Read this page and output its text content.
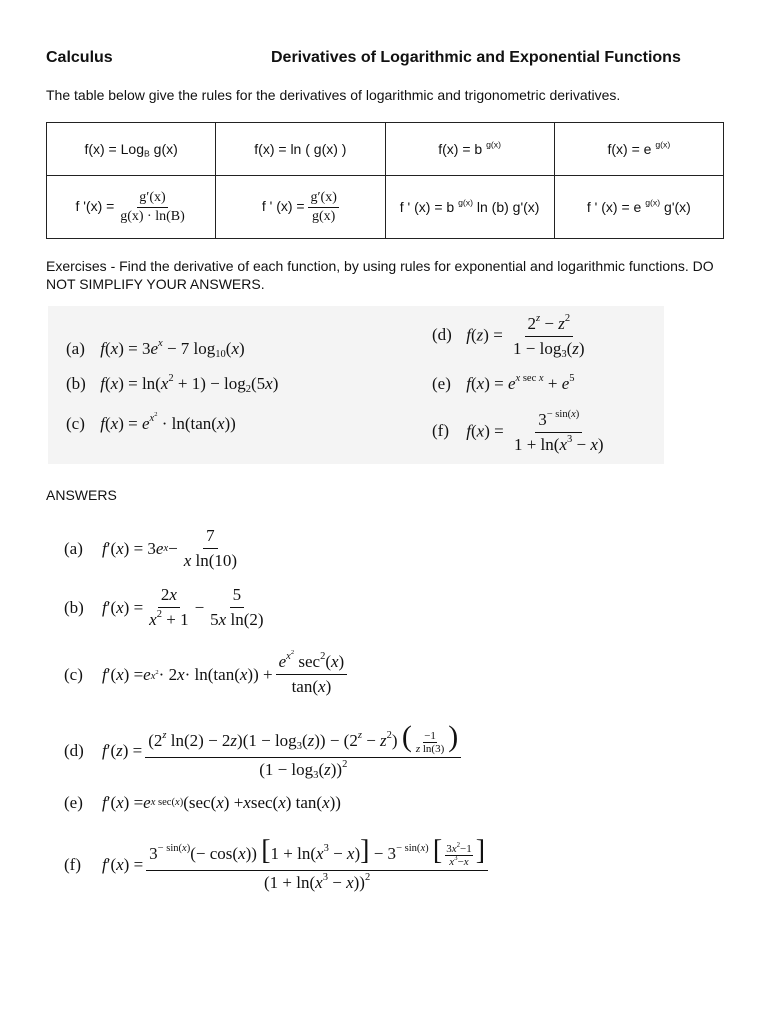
Calculus	Derivatives of Logarithmic and Exponential Functions
The table below give the rules for the derivatives of logarithmic and trigonometric derivatives.
f(x) = Log$_B$ g(x)	f(x) = ln ( g(x) )	f(x) = b $^{g(x)}$	f(x) = e $^{g(x)}$
f '$(x) = \frac{g'(x)}{g(x) \cdot \ln(B)}$	f ' $(x) = \frac{g'(x)}{g(x)}$	f ' (x) = b $^{g(x)}$ ln (b) g'(x)	f ' (x) = e $^{g(x)}$ g'(x)
Exercises - Find the derivative of each function, by using rules for exponential and logarithmic functions. DO NOT SIMPLIFY YOUR ANSWERS.
(a) $f(x) = 3e^x - 7$ $\log_{10}(x)$
(b) $f(x) = \ln(x^2 + 1) - \log_2(5x)$
(c) $f(x) = e^{x^2} \cdot \ln(\tan(x))$
(d) $f(z) = \frac{2^z - z^2}{1 - \log_3(z)}$
(e) $f(x) = e^{x sec x} + e^5$
(f) $f(x) = \frac{3^{- sin(x)}}{1 + \ln(x^3 - x)}$
ANSWERS
(a)	f ′( x ) = 3 e x −
7
x ln(10)
(b)	f ′( x ) =
2x
$x^2 + 1$
−
5
5x ln(2)
(c)	f ′( x ) = e $x^2 \cdot 2$ x · ln(tan( x )) +
$e^{x^2}$ $\sec^2(x)$
tan(x)
(d)	f ′( z ) =
($2^z$ $\ln(2) - 2z)(1 - \log_3(z)) - (2^z - z^2)$ ( $\frac{-1}{\text{z ln(3)}}$ )
$(1 - \log_3(z))^2$
(e)	f ′( x ) = e x sec(x) (sec( x ) + x sec( x ) tan( x ))
(f)	f ′( x ) =
$3^{- sin(x)}(- \cos(x)) [1 + \ln(x^3 - x)] - 3^{- sin(x)}$ [ $\frac{3x^2-1}{x^3-x}$ ]
$(1 + \ln(x^3 - x))^2$
